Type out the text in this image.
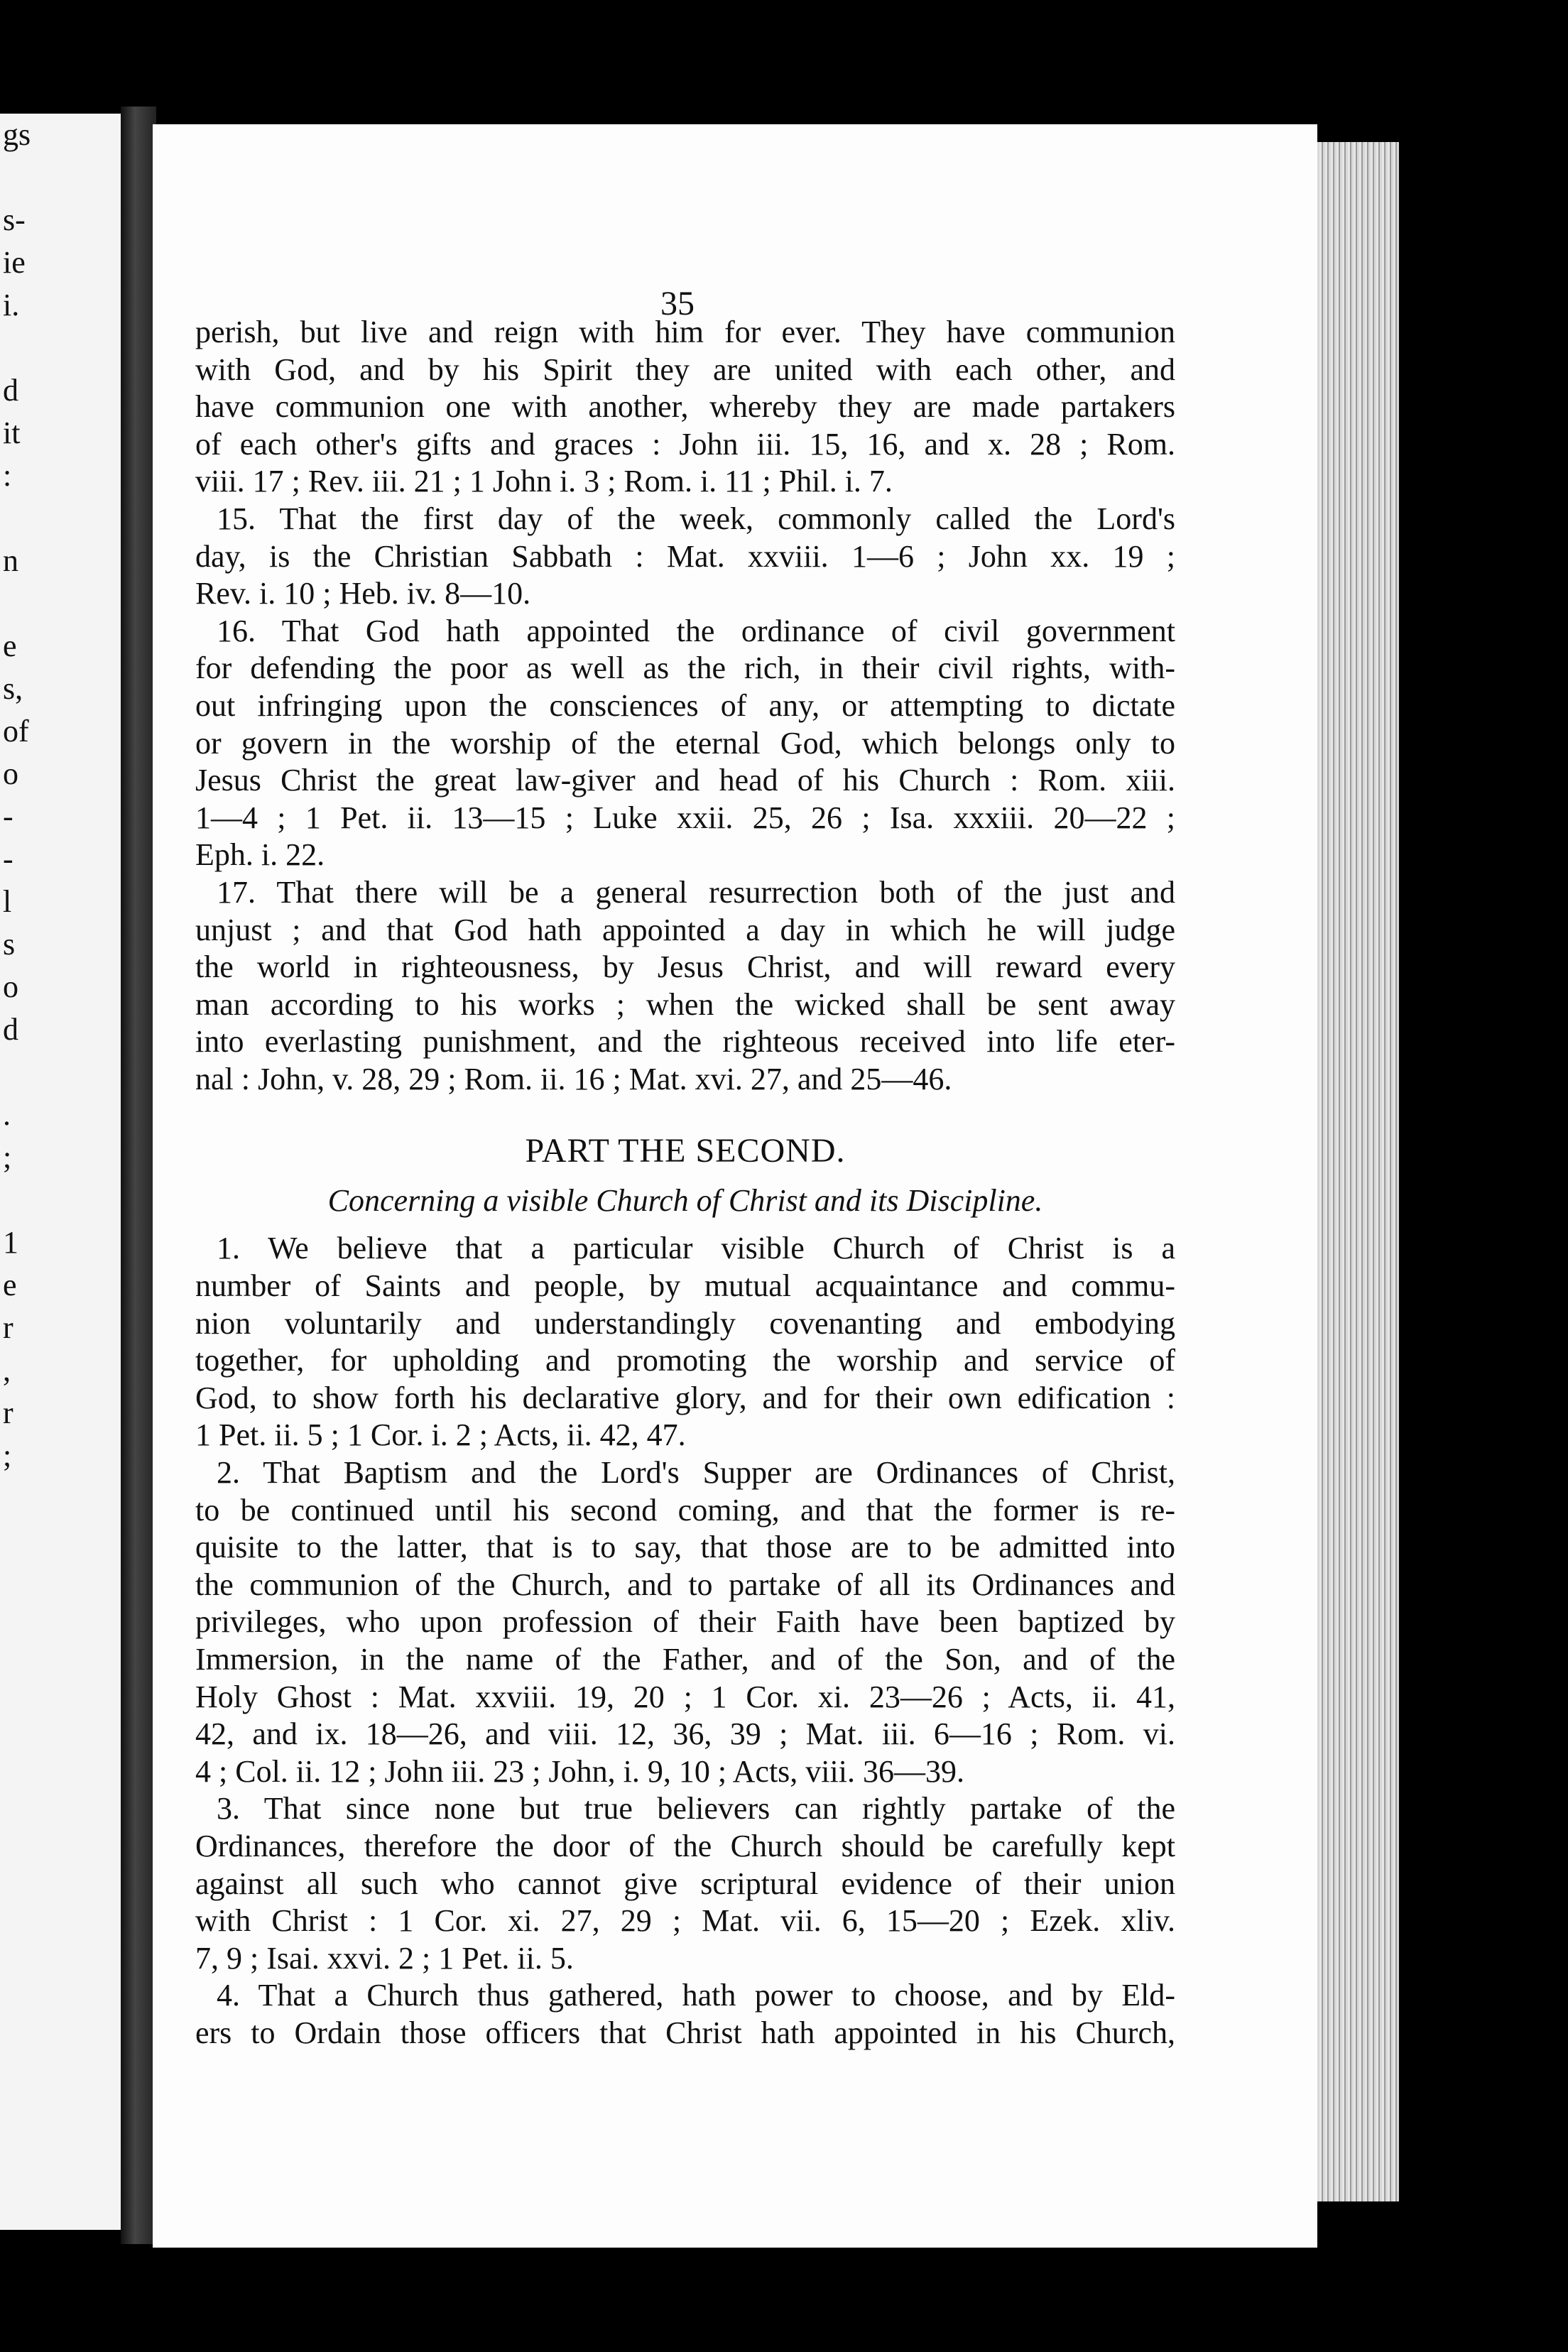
gs
s-
ie
i.
d
it
:
n
e
s,
of
o
-
-
l
s
o
d
.
;
1
e
r
,
r
;
35
perish, but live and reign with him for ever. They have communion
with God, and by his Spirit they are united with each other, and
have communion one with another, whereby they are made partakers
of each other's gifts and graces : John iii. 15, 16, and x. 28 ; Rom.
viii. 17 ; Rev. iii. 21 ; 1 John i. 3 ; Rom. i. 11 ; Phil. i. 7.
15. That the first day of the week, commonly called the Lord's
day, is the Christian Sabbath : Mat. xxviii. 1—6 ; John xx. 19 ;
Rev. i. 10 ; Heb. iv. 8—10.
16. That God hath appointed the ordinance of civil government
for defending the poor as well as the rich, in their civil rights, with-
out infringing upon the consciences of any, or attempting to dictate
or govern in the worship of the eternal God, which belongs only to
Jesus Christ the great law-giver and head of his Church : Rom. xiii.
1—4 ; 1 Pet. ii. 13—15 ; Luke xxii. 25, 26 ; Isa. xxxiii. 20—22 ;
Eph. i. 22.
17. That there will be a general resurrection both of the just and
unjust ; and that God hath appointed a day in which he will judge
the world in righteousness, by Jesus Christ, and will reward every
man according to his works ; when the wicked shall be sent away
into everlasting punishment, and the righteous received into life eter-
nal : John, v. 28, 29 ; Rom. ii. 16 ; Mat. xvi. 27, and 25—46.
PART THE SECOND.
Concerning a visible Church of Christ and its Discipline.
1. We believe that a particular visible Church of Christ is a
number of Saints and people, by mutual acquaintance and commu-
nion voluntarily and understandingly covenanting and embodying
together, for upholding and promoting the worship and service of
God, to show forth his declarative glory, and for their own edification :
1 Pet. ii. 5 ; 1 Cor. i. 2 ; Acts, ii. 42, 47.
2. That Baptism and the Lord's Supper are Ordinances of Christ,
to be continued until his second coming, and that the former is re-
quisite to the latter, that is to say, that those are to be admitted into
the communion of the Church, and to partake of all its Ordinances and
privileges, who upon profession of their Faith have been baptized by
Immersion, in the name of the Father, and of the Son, and of the
Holy Ghost : Mat. xxviii. 19, 20 ; 1 Cor. xi. 23—26 ; Acts, ii. 41,
42, and ix. 18—26, and viii. 12, 36, 39 ; Mat. iii. 6—16 ; Rom. vi.
4 ; Col. ii. 12 ; John iii. 23 ; John, i. 9, 10 ; Acts, viii. 36—39.
3. That since none but true believers can rightly partake of the
Ordinances, therefore the door of the Church should be carefully kept
against all such who cannot give scriptural evidence of their union
with Christ : 1 Cor. xi. 27, 29 ; Mat. vii. 6, 15—20 ; Ezek. xliv.
7, 9 ; Isai. xxvi. 2 ; 1 Pet. ii. 5.
4. That a Church thus gathered, hath power to choose, and by Eld-
ers to Ordain those officers that Christ hath appointed in his Church,
